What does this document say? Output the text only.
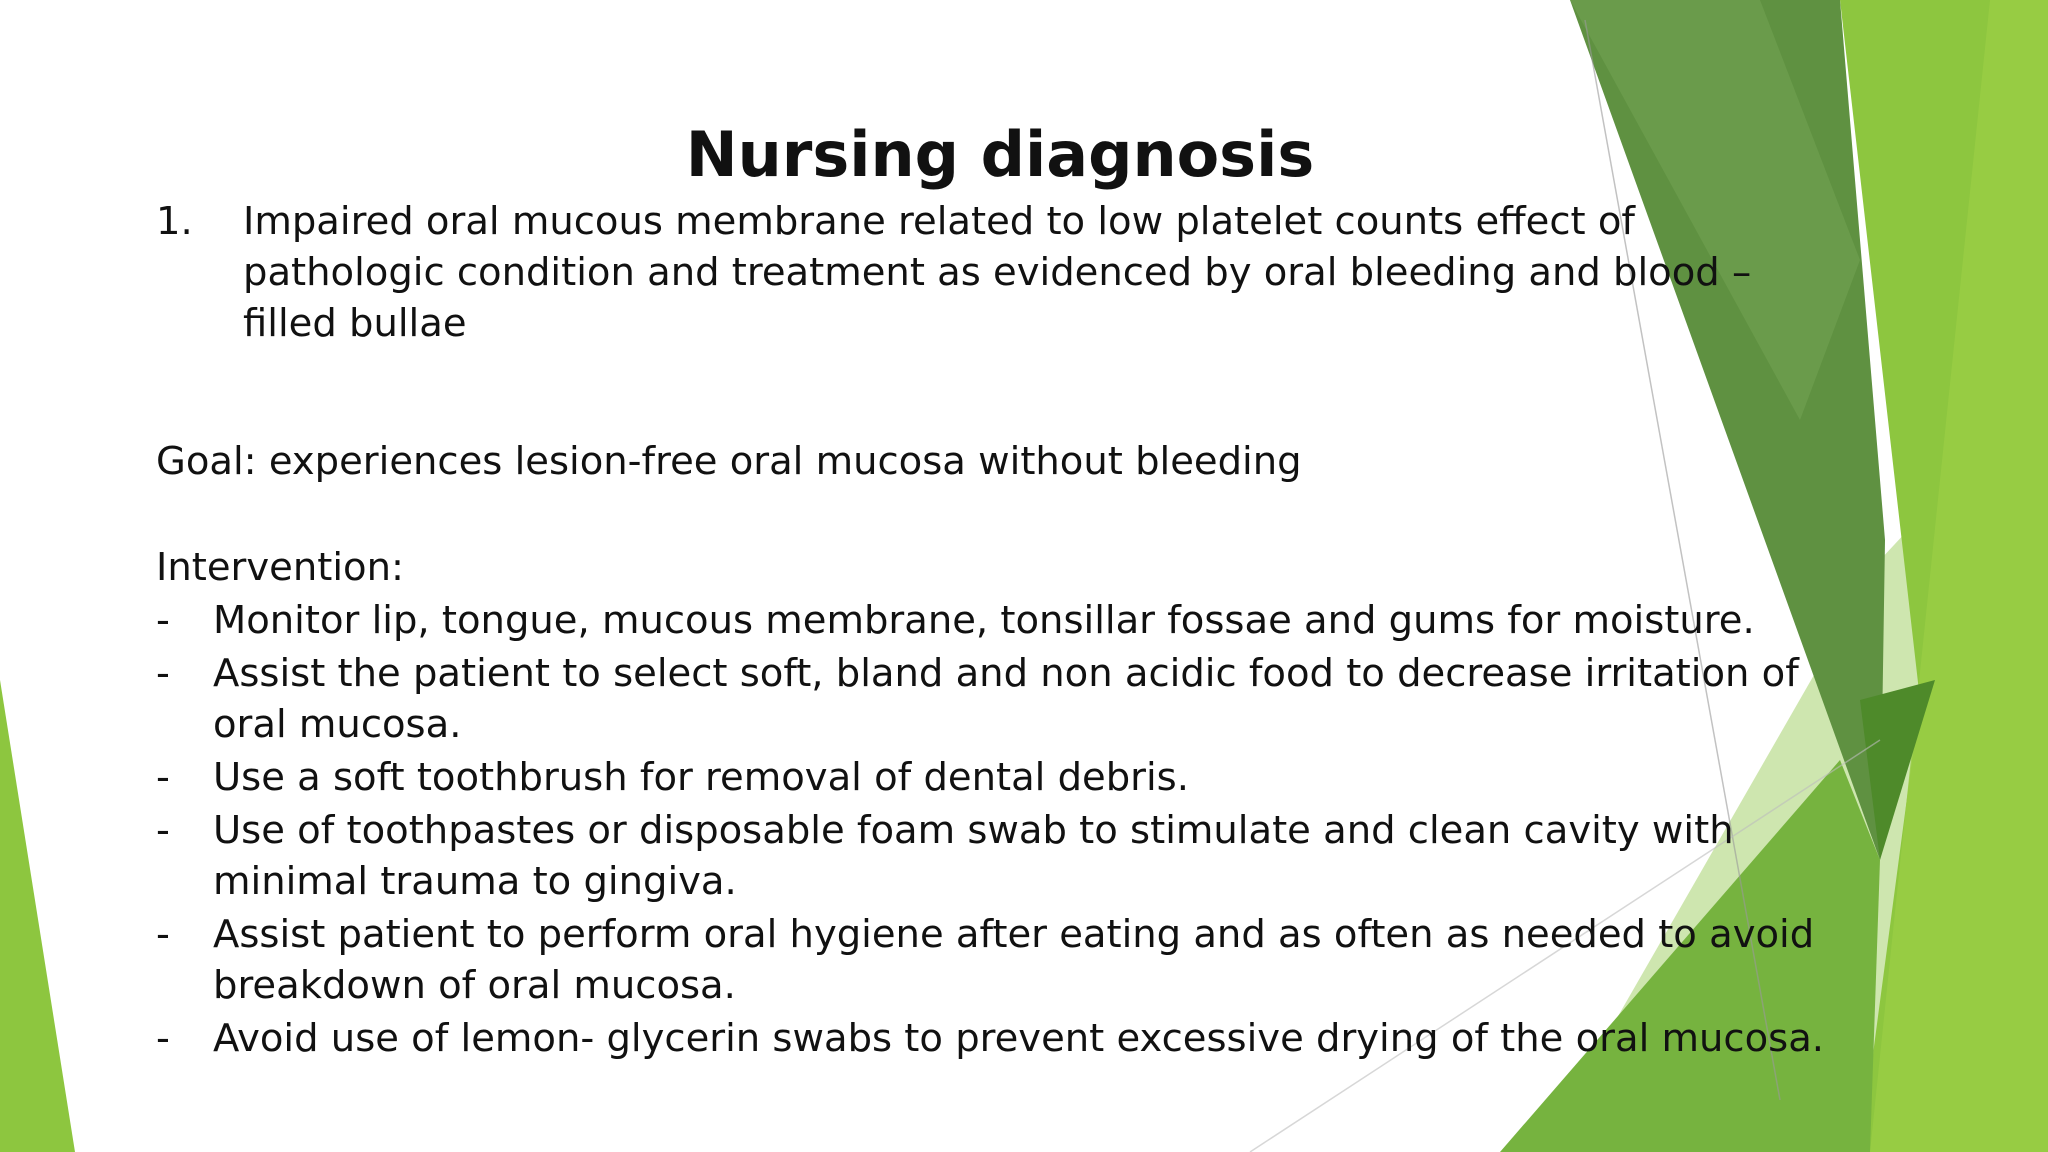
Nursing diagnosis
1.	Impaired oral mucous membrane related to low platelet counts effect of pathologic condition and treatment as evidenced by oral bleeding and blood –filled bullae
Goal: experiences lesion-free oral mucosa without bleeding
Intervention:
-	Monitor lip, tongue, mucous membrane, tonsillar fossae and gums for moisture.
-	Assist the patient to select soft, bland and non acidic food to decrease irritation of oral mucosa.
-	Use a soft toothbrush for removal of dental debris.
-	Use of toothpastes or disposable foam swab to stimulate and clean cavity with minimal trauma to gingiva.
-	Assist patient to perform oral hygiene after eating and as often as needed to avoid breakdown of oral mucosa.
-	Avoid use of lemon- glycerin swabs to prevent excessive drying of the oral mucosa.
